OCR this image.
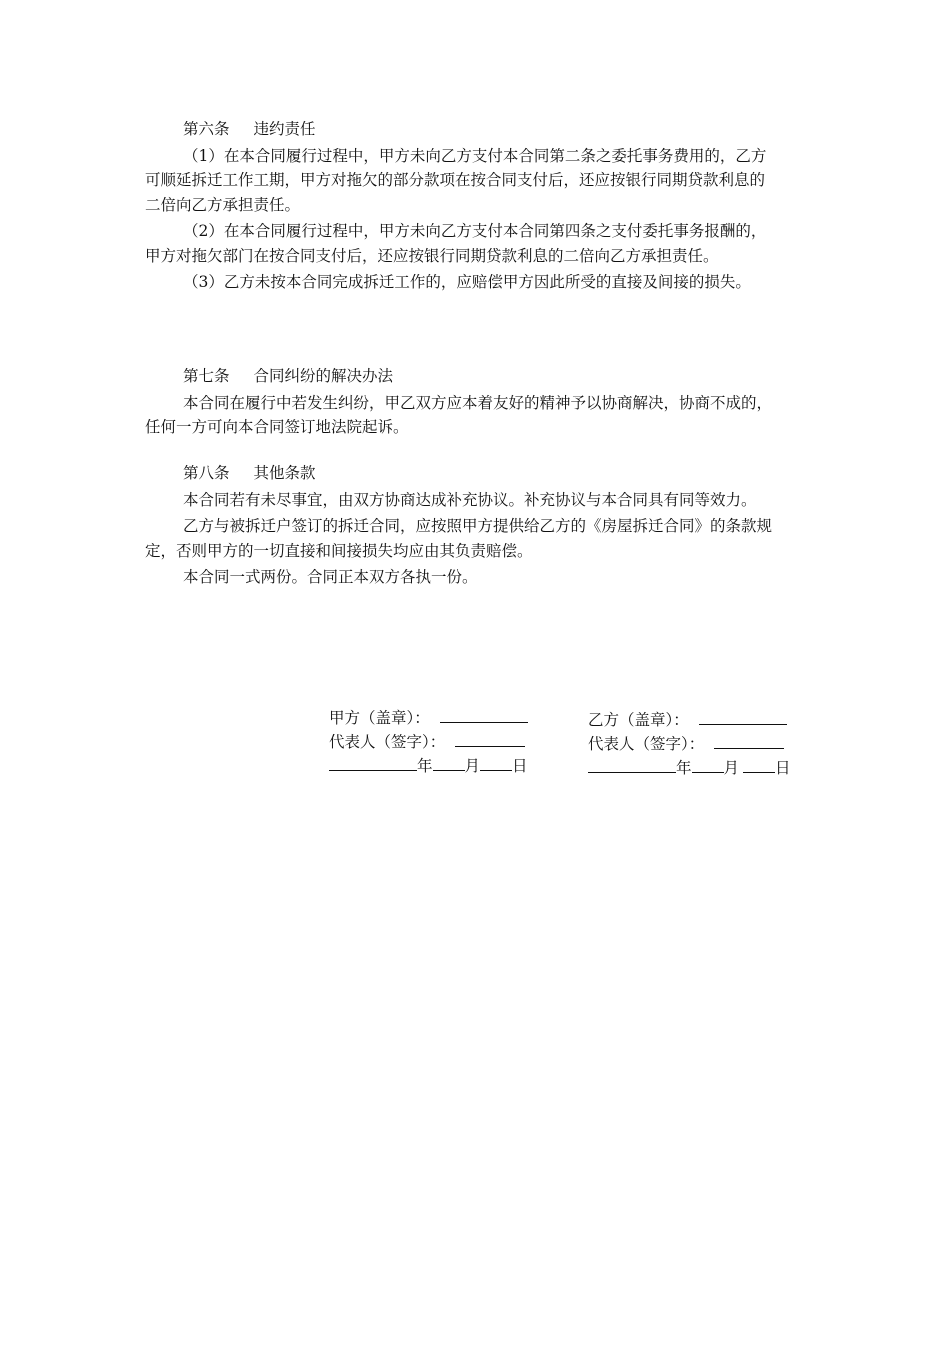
第六条 违约责任
（1）在本合同履行过程中，甲方未向乙方支付本合同第二条之委托事务费用的，乙方可顺延拆迁工作工期，甲方对拖欠的部分款项在按合同支付后，还应按银行同期贷款利息的二倍向乙方承担责任。
（2）在本合同履行过程中，甲方未向乙方支付本合同第四条之支付委托事务报酬的，甲方对拖欠部门在按合同支付后，还应按银行同期贷款利息的二倍向乙方承担责任。
（3）乙方未按本合同完成拆迁工作的，应赔偿甲方因此所受的直接及间接的损失。
第七条 合同纠纷的解决办法
本合同在履行中若发生纠纷，甲乙双方应本着友好的精神予以协商解决，协商不成的，任何一方可向本合同签订地法院起诉。
第八条 其他条款
本合同若有未尽事宜，由双方协商达成补充协议。补充协议与本合同具有同等效力。
乙方与被拆迁户签订的拆迁合同，应按照甲方提供给乙方的《房屋拆迁合同》的条款规定，否则甲方的一切直接和间接损失均应由其负责赔偿。
本合同一式两份。合同正本双方各执一份。
甲方（盖章）：
代表人（签字）：
年 月 日
乙方（盖章）：
代表人（签字）：
年 月 日
